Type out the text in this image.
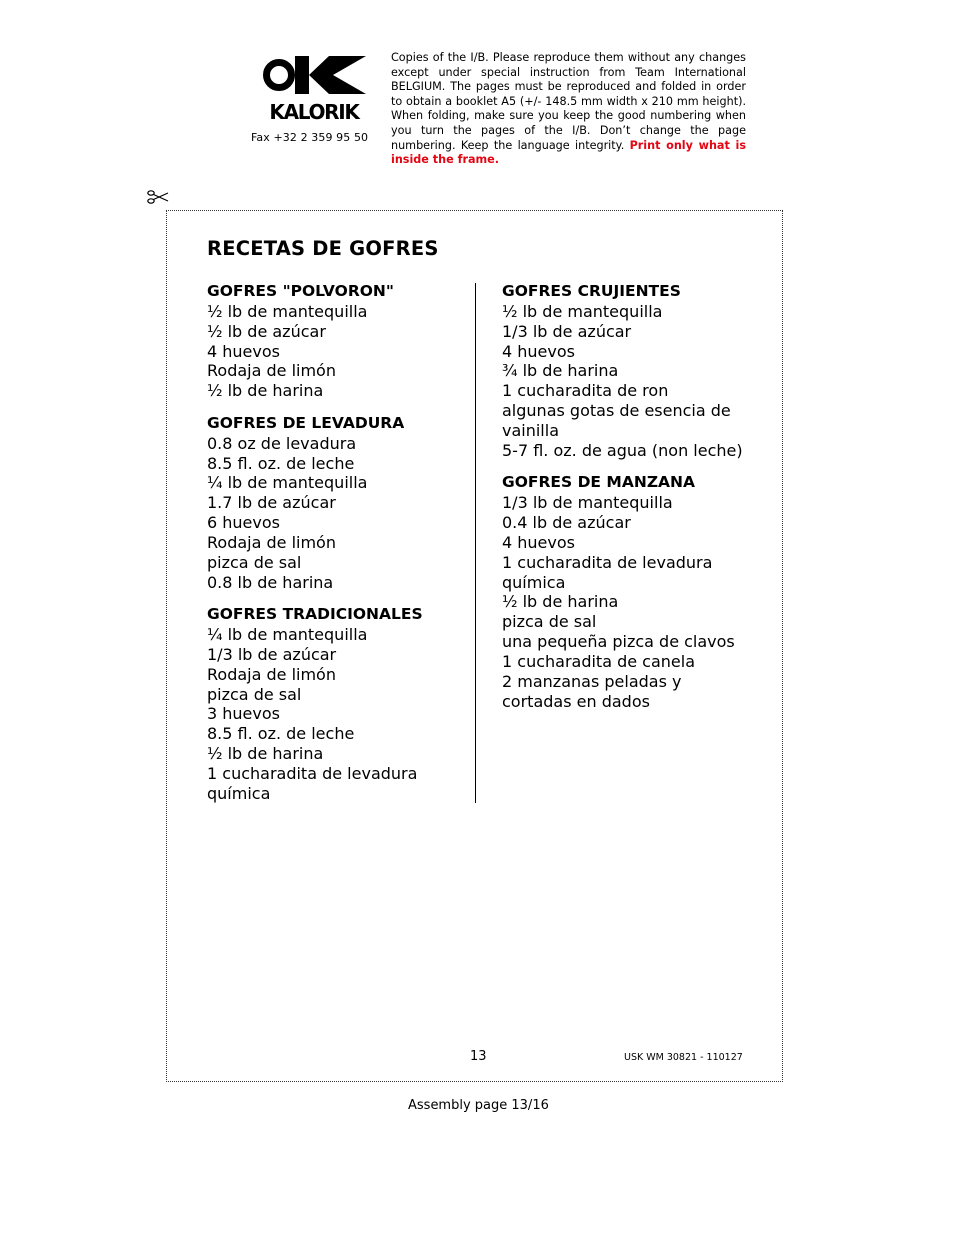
KALORIK
Fax +32 2 359 95 50
Copies of the I/B. Please reproduce them without any changes except under special instruction from Team International BELGIUM. The pages must be reproduced and folded in order to obtain a booklet A5 (+/- 148.5 mm width x 210 mm height). When folding, make sure you keep the good numbering when you turn the pages of the I/B. Don’t change the page numbering. Keep the language integrity. Print only what is inside the frame.
RECETAS DE GOFRES
GOFRES "POLVORON"
½ lb de mantequilla
½ lb de azúcar
4 huevos
Rodaja de limón
½ lb de harina
GOFRES DE LEVADURA
0.8 oz de levadura
8.5 fl. oz. de leche
¼ lb de mantequilla
1.7 lb de azúcar
6 huevos
Rodaja de limón
pizca de sal
0.8 lb de harina
GOFRES TRADICIONALES
¼ lb de mantequilla
1/3 lb de azúcar
Rodaja de limón
pizca de sal
3 huevos
8.5 fl. oz. de leche
½ lb de harina
1 cucharadita de levadura química
GOFRES CRUJIENTES
½ lb de mantequilla
1/3 lb de azúcar
4 huevos
¾ lb de harina
1 cucharadita de ron
algunas gotas de esencia de vainilla
5-7 fl. oz. de agua (non leche)
GOFRES DE MANZANA
1/3 lb de mantequilla
0.4 lb de azúcar
4 huevos
1 cucharadita de levadura química
½ lb de harina
pizca de sal
una pequeña pizca de clavos
1 cucharadita de canela
2 manzanas peladas y cortadas en dados
13	USK WM 30821 - 110127
Assembly page 13/16
